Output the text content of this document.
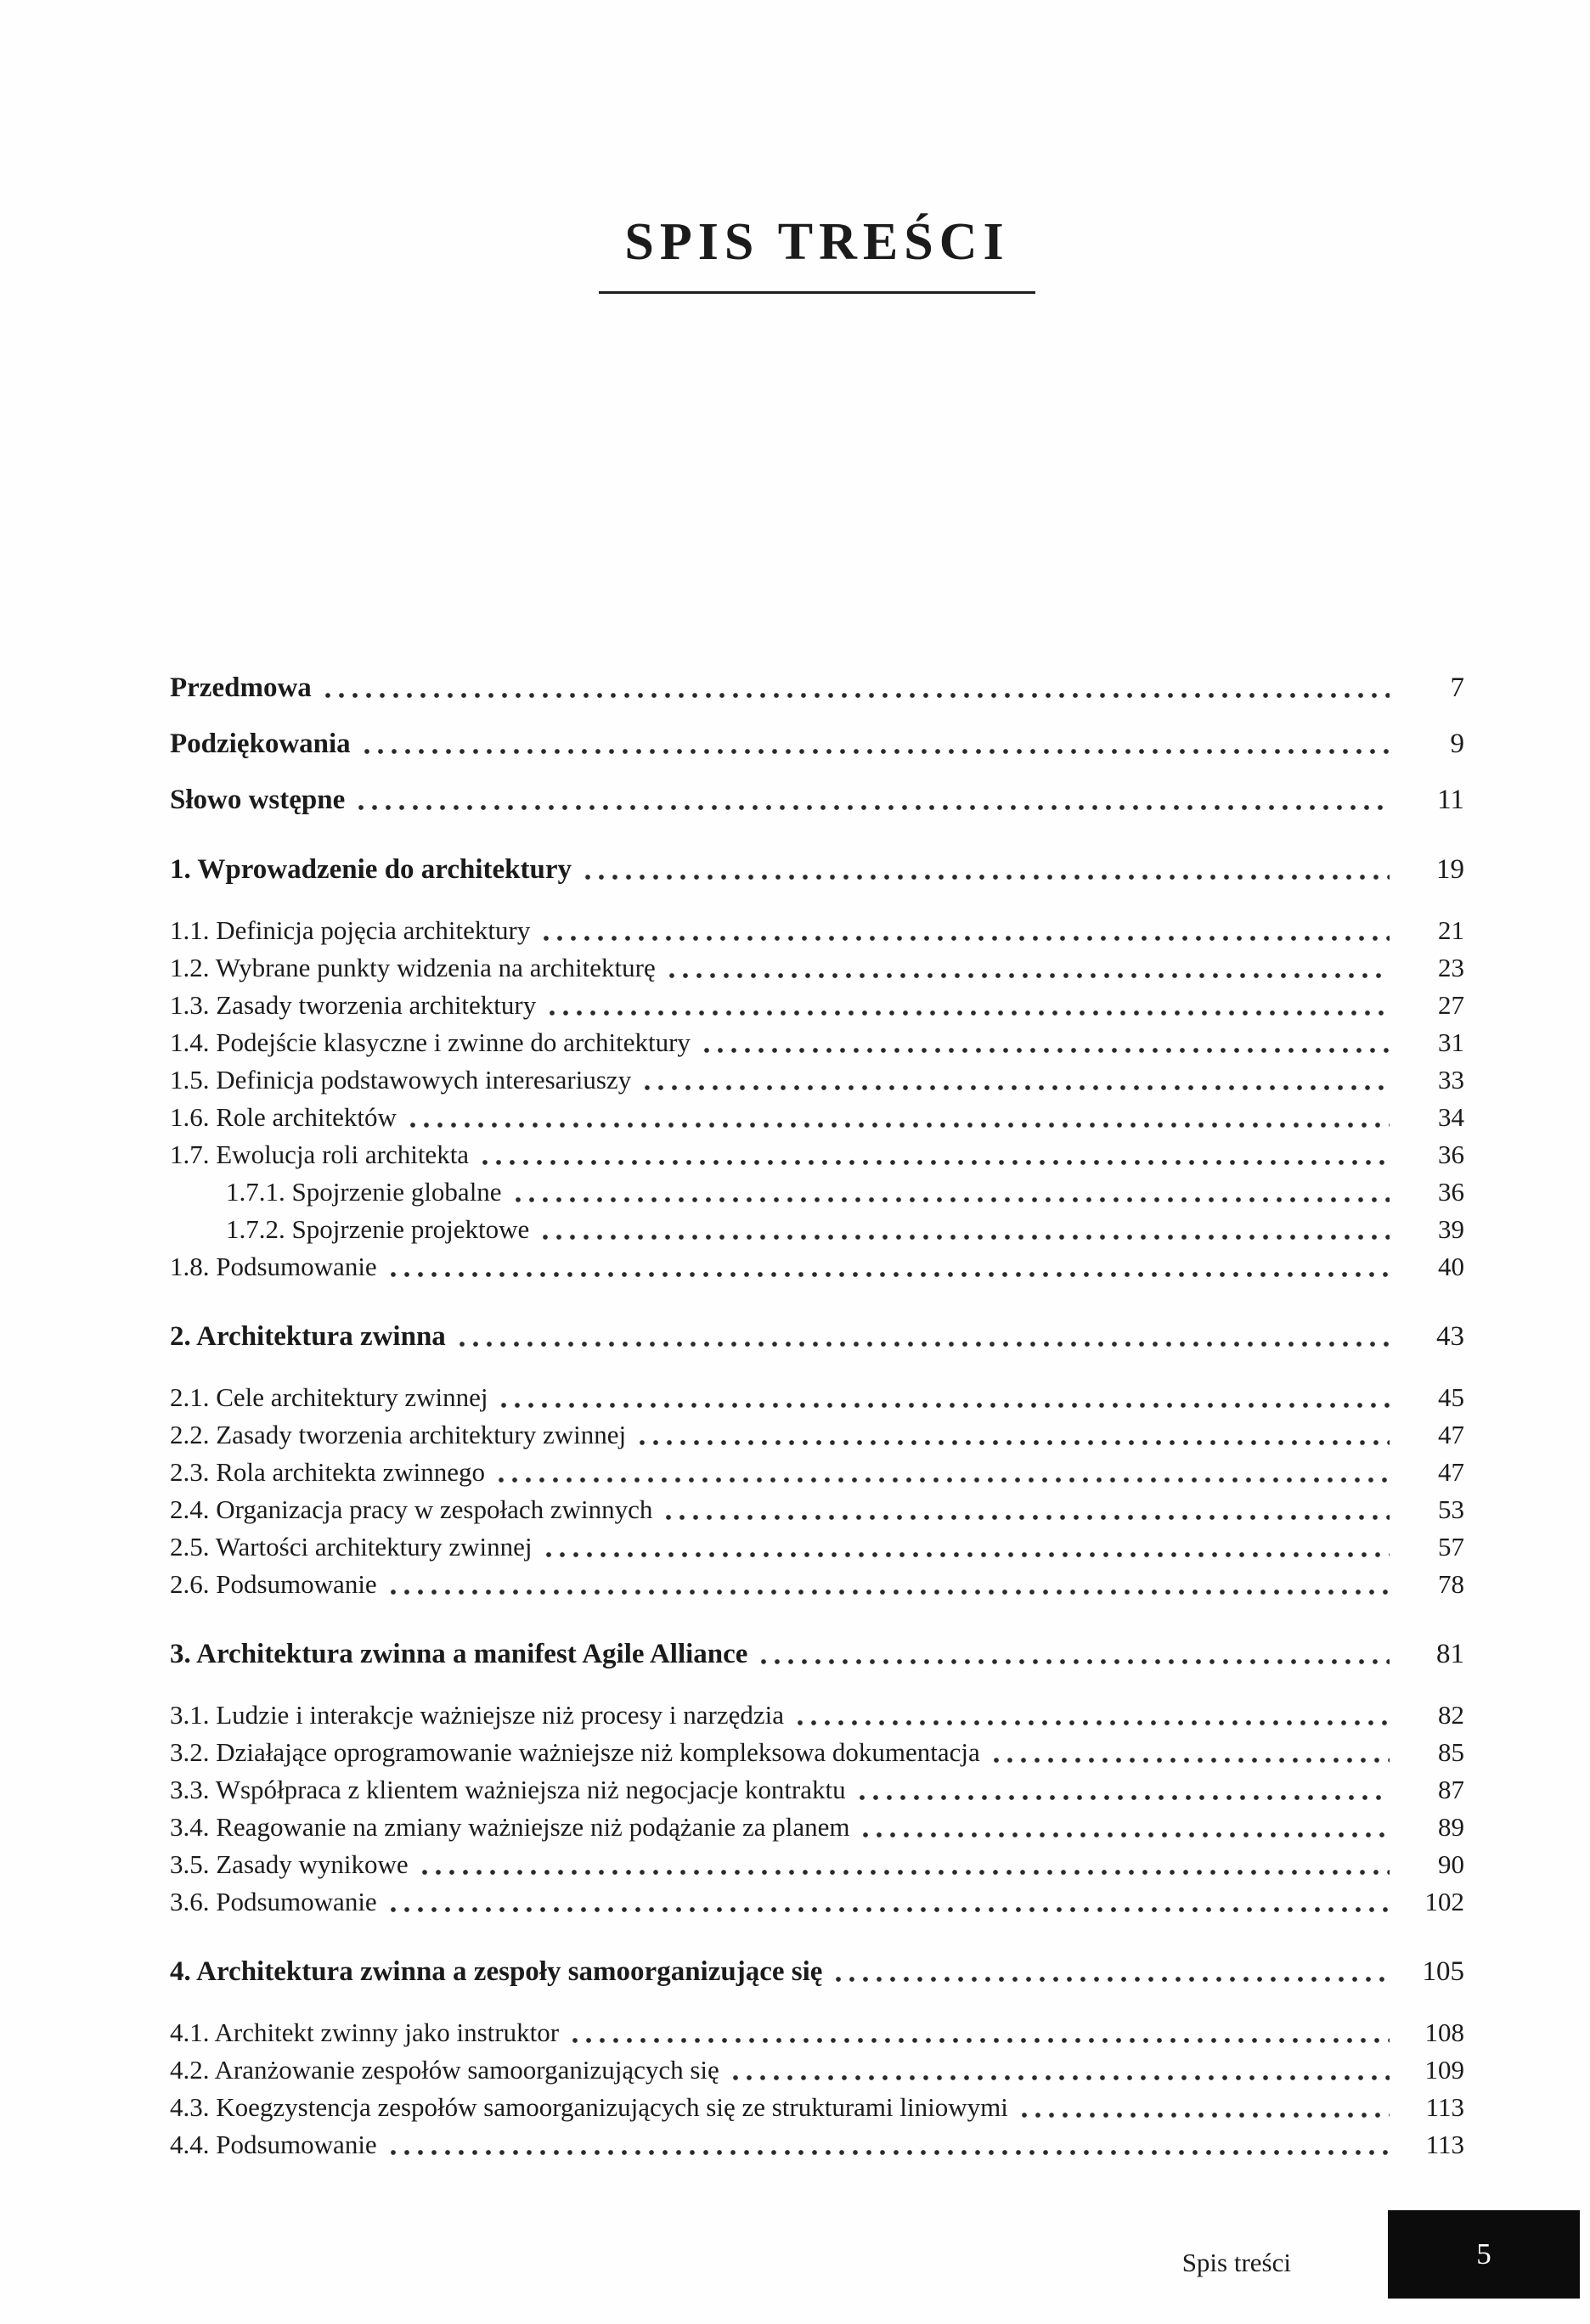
SPIS TREŚCI
Przedmowa	7
Podziękowania	9
Słowo wstępne	11
1. Wprowadzenie do architektury	19
1.1. Definicja pojęcia architektury	21
1.2. Wybrane punkty widzenia na architekturę	23
1.3. Zasady tworzenia architektury	27
1.4. Podejście klasyczne i zwinne do architektury	31
1.5. Definicja podstawowych interesariuszy	33
1.6. Role architektów	34
1.7. Ewolucja roli architekta	36
1.7.1. Spojrzenie globalne	36
1.7.2. Spojrzenie projektowe	39
1.8. Podsumowanie	40
2. Architektura zwinna	43
2.1. Cele architektury zwinnej	45
2.2. Zasady tworzenia architektury zwinnej	47
2.3. Rola architekta zwinnego	47
2.4. Organizacja pracy w zespołach zwinnych	53
2.5. Wartości architektury zwinnej	57
2.6. Podsumowanie	78
3. Architektura zwinna a manifest Agile Alliance	81
3.1. Ludzie i interakcje ważniejsze niż procesy i narzędzia	82
3.2. Działające oprogramowanie ważniejsze niż kompleksowa dokumentacja	85
3.3. Współpraca z klientem ważniejsza niż negocjacje kontraktu	87
3.4. Reagowanie na zmiany ważniejsze niż podążanie za planem	89
3.5. Zasady wynikowe	90
3.6. Podsumowanie	102
4. Architektura zwinna a zespoły samoorganizujące się	105
4.1. Architekt zwinny jako instruktor	108
4.2. Aranżowanie zespołów samoorganizujących się	109
4.3. Koegzystencja zespołów samoorganizujących się ze strukturami liniowymi	113
4.4. Podsumowanie	113
Spis treści	5
